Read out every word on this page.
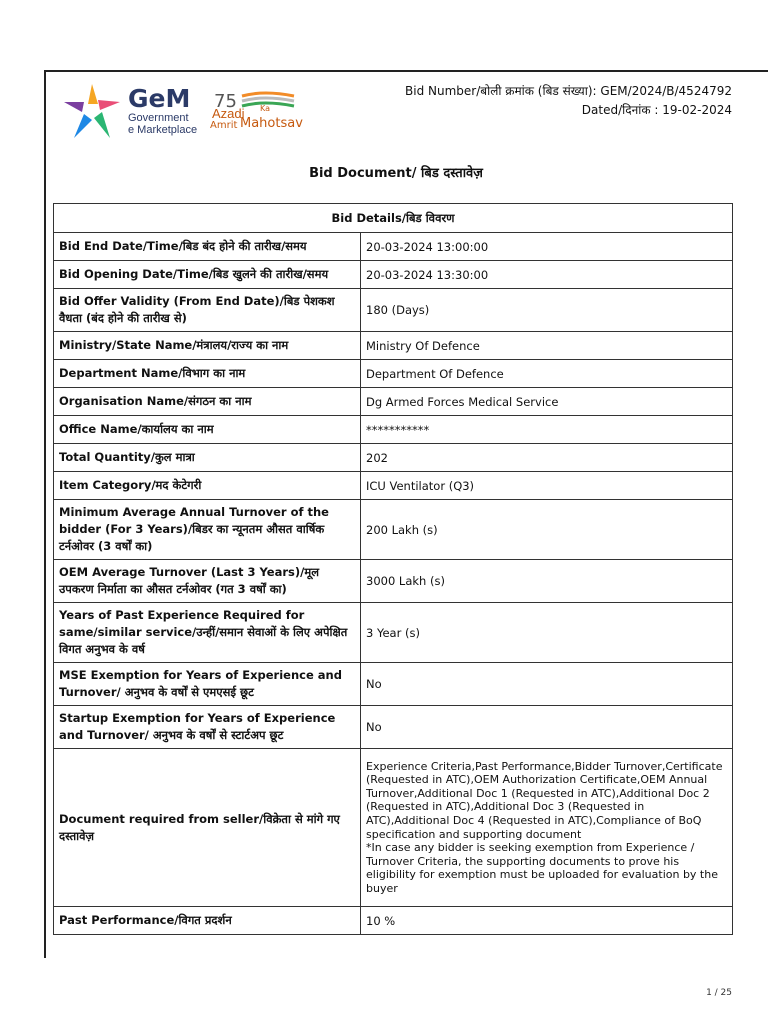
GeM
Government
e Marketplace
75
Azadi Ka
Amrit Mahotsav
Bid Number/बोली क्रमांक (बिड संख्या): GEM/2024/B/4524792
Dated/दिनांक : 19-02-2024
Bid Document/ बिड दस्तावेज़
Bid Details/बिड विवरण	
Bid End Date/Time/बिड बंद होने की तारीख/समय	20-03-2024 13:00:00
Bid Opening Date/Time/बिड खुलने की तारीख/समय	20-03-2024 13:30:00
Bid Offer Validity (From End Date)/बिड पेशकश वैधता (बंद होने की तारीख से)	180 (Days)
Ministry/State Name/मंत्रालय/राज्य का नाम	Ministry Of Defence
Department Name/विभाग का नाम	Department Of Defence
Organisation Name/संगठन का नाम	Dg Armed Forces Medical Service
Office Name/कार्यालय का नाम	***********
Total Quantity/कुल मात्रा	202
Item Category/मद केटेगरी	ICU Ventilator (Q3)
Minimum Average Annual Turnover of the bidder (For 3 Years)/बिडर का न्यूनतम औसत वार्षिक टर्नओवर (3 वर्षों का)	200 Lakh (s)
OEM Average Turnover (Last 3 Years)/मूल उपकरण निर्माता का औसत टर्नओवर (गत 3 वर्षों का)	3000 Lakh (s)
Years of Past Experience Required for same/similar service/उन्हीं/समान सेवाओं के लिए अपेक्षित विगत अनुभव के वर्ष	3 Year (s)
MSE Exemption for Years of Experience and Turnover/ अनुभव के वर्षों से एमएसई छूट	No
Startup Exemption for Years of Experience and Turnover/ अनुभव के वर्षों से स्टार्टअप छूट	No
Document required from seller/विक्रेता से मांगे गए दस्तावेज़	Experience Criteria,Past Performance,Bidder Turnover,Certificate (Requested in ATC),OEM Authorization Certificate,OEM Annual Turnover,Additional Doc 1 (Requested in ATC),Additional Doc 2 (Requested in ATC),Additional Doc 3 (Requested in ATC),Additional Doc 4 (Requested in ATC),Compliance of BoQ specification and supporting document
*In case any bidder is seeking exemption from Experience / Turnover Criteria, the supporting documents to prove his eligibility for exemption must be uploaded for evaluation by the buyer
Past Performance/विगत प्रदर्शन	10 %
1 / 25
